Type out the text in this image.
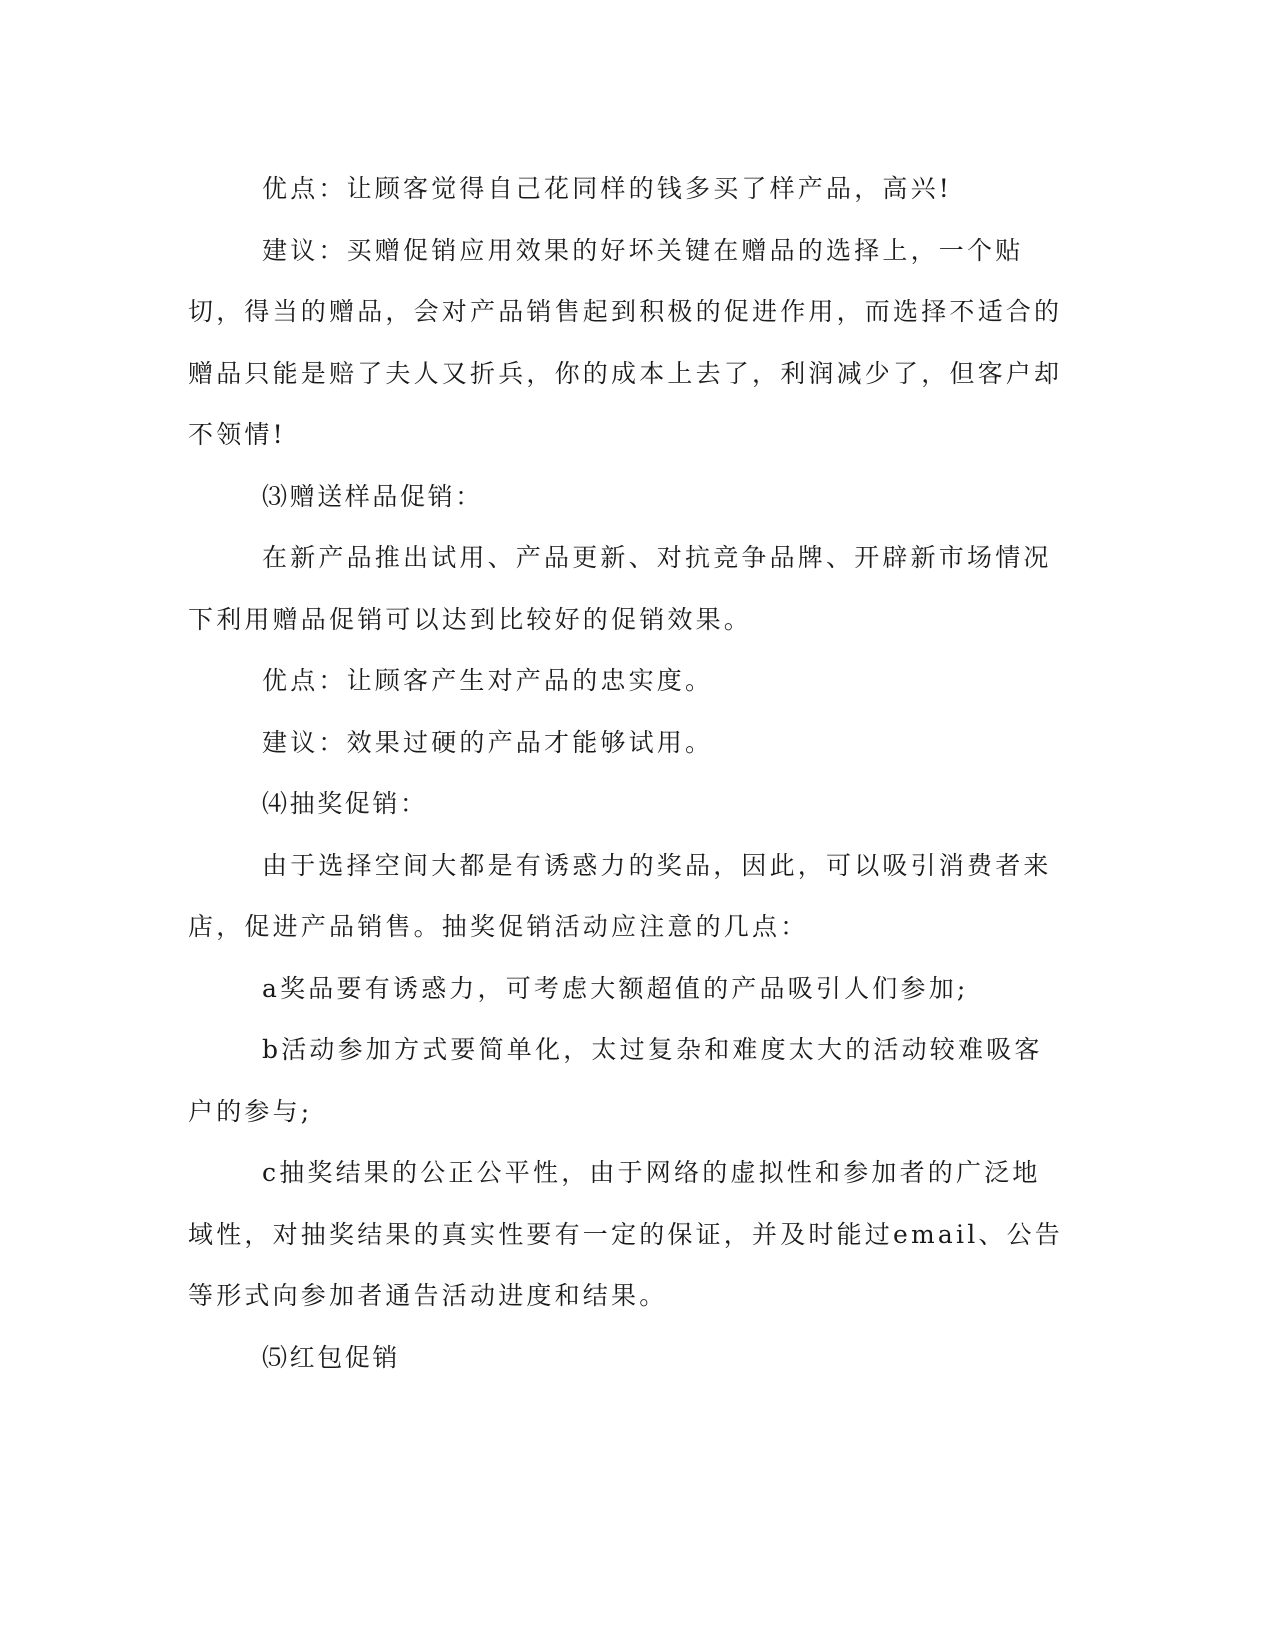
优点：让顾客觉得自己花同样的钱多买了样产品，高兴!

建议：买赠促销应用效果的好坏关键在赠品的选择上，一个贴切，得当的赠品，会对产品销售起到积极的促进作用，而选择不适合的赠品只能是赔了夫人又折兵，你的成本上去了，利润减少了，但客户却不领情!

⑶赠送样品促销：

在新产品推出试用、产品更新、对抗竞争品牌、开辟新市场情况下利用赠品促销可以达到比较好的促销效果。

优点：让顾客产生对产品的忠实度。

建议：效果过硬的产品才能够试用。

⑷抽奖促销：

由于选择空间大都是有诱惑力的奖品，因此，可以吸引消费者来店，促进产品销售。抽奖促销活动应注意的几点：

a奖品要有诱惑力，可考虑大额超值的产品吸引人们参加;

b活动参加方式要简单化，太过复杂和难度太大的活动较难吸客户的参与;

c抽奖结果的公正公平性，由于网络的虚拟性和参加者的广泛地域性，对抽奖结果的真实性要有一定的保证，并及时能过email、公告等形式向参加者通告活动进度和结果。

⑸红包促销
